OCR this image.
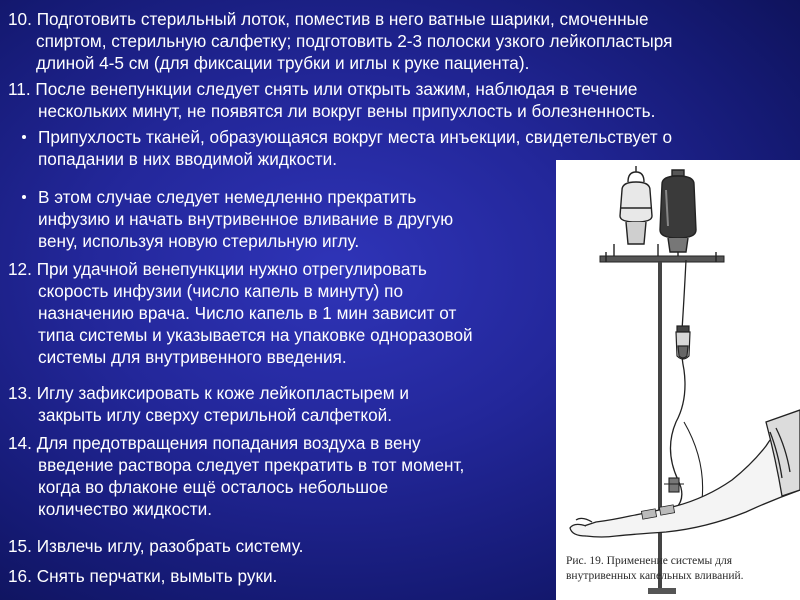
10. Подготовить стерильный лоток, поместив в него ватные шарики, смоченные
спиртом, стерильную салфетку; подготовить 2-3 полоски узкого лейкопластыря
длиной 4-5 см (для фиксации трубки и иглы к руке пациента).

11. После венепункции следует снять или открыть зажим, наблюдая в течение
нескольких минут, не появятся ли вокруг вены припухлость и болезненность.

Припухлость тканей, образующаяся вокруг места инъекции, свидетельствует о
попадании в них вводимой жидкости.

В этом случае следует немедленно прекратить
инфузию и начать внутривенное вливание в другую
вену, используя новую стерильную иглу.

12. При удачной венепункции нужно отрегулировать
скорость инфузии (число капель в минуту) по
назначению врача. Число капель в 1 мин зависит от
типа системы и указывается на упаковке одноразовой
системы для внутривенного введения.

13. Иглу зафиксировать к коже лейкопластырем и
закрыть иглу сверху стерильной салфеткой.

14. Для предотвращения попадания воздуха в вену
введение раствора следует прекратить в тот момент,
когда во флаконе ещё осталось небольшое
количество жидкости.

15. Извлечь иглу, разобрать систему.

16. Снять перчатки, вымыть руки.

Рис. 19. Применение системы для
внутривенных капельных вливаний.
